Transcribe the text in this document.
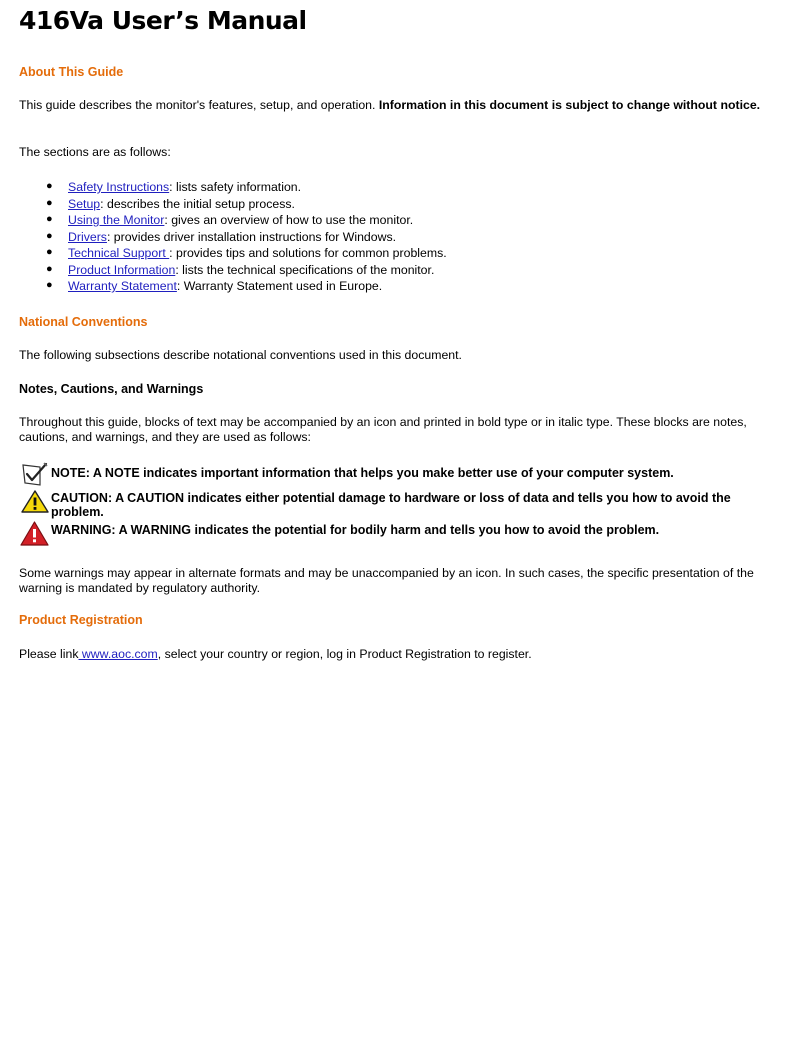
416Va User’s Manual
About This Guide
This guide describes the monitor's features, setup, and operation. Information in this document is subject to change without notice.
The sections are as follows:
● Safety Instructions: lists safety information.
● Setup: describes the initial setup process.
● Using the Monitor: gives an overview of how to use the monitor.
● Drivers: provides driver installation instructions for Windows.
● Technical Support : provides tips and solutions for common problems.
● Product Information: lists the technical specifications of the monitor.
● Warranty Statement: Warranty Statement used in Europe.
National Conventions
The following subsections describe notational conventions used in this document.
Notes, Cautions, and Warnings
Throughout this guide, blocks of text may be accompanied by an icon and printed in bold type or in italic type. These blocks are notes, cautions, and warnings, and they are used as follows:
NOTE: A NOTE indicates important information that helps you make better use of your computer system.
CAUTION: A CAUTION indicates either potential damage to hardware or loss of data and tells you how to avoid the problem.
WARNING: A WARNING indicates the potential for bodily harm and tells you how to avoid the problem.
Some warnings may appear in alternate formats and may be unaccompanied by an icon. In such cases, the specific presentation of the warning is mandated by regulatory authority.
Product Registration
Please link www.aoc.com, select your country or region, log in Product Registration to register.
